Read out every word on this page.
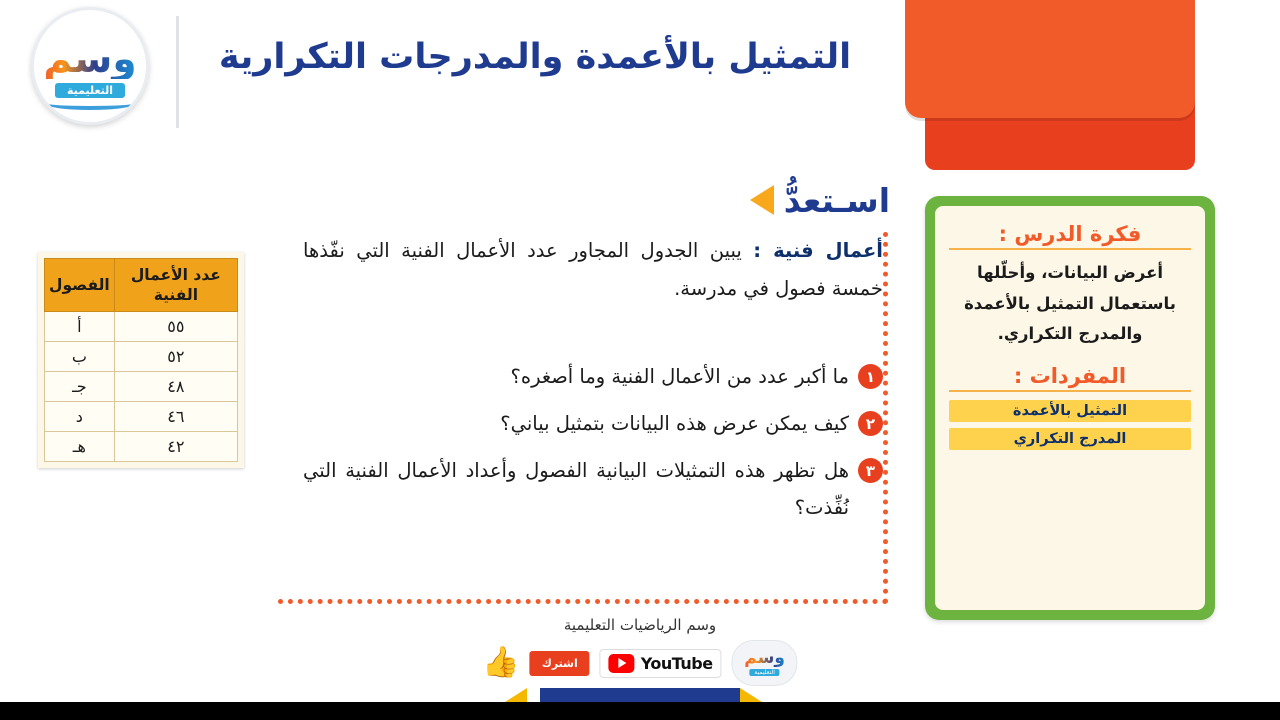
وسم
التعليمية
التمثيل بالأعمدة والمدرجات التكرارية
فكرة الدرس :
أعرض البيانات، وأحلّلها باستعمال التمثيل بالأعمدة والمدرج التكراري.
المفردات :
التمثيل بالأعمدة
المدرج التكراري
اسـتعدُّ
أعمال فنية : يبين الجدول المجاور عدد الأعمال الفنية التي نفّذها خمسة فصول في مدرسة.
١
ما أكبر عدد من الأعمال الفنية وما أصغره؟
٢
كيف يمكن عرض هذه البيانات بتمثيل بياني؟
٣
هل تظهر هذه التمثيلات البيانية الفصول وأعداد الأعمال الفنية التي نُفِّذت؟
عدد الأعمال الفنية	الفصول
٥٥	أ
٥٢	ب
٤٨	جـ
٤٦	د
٤٢	هـ
وسم الرياضيات التعليمية
👍	اشترك	YouTube وسم
التعليمية
